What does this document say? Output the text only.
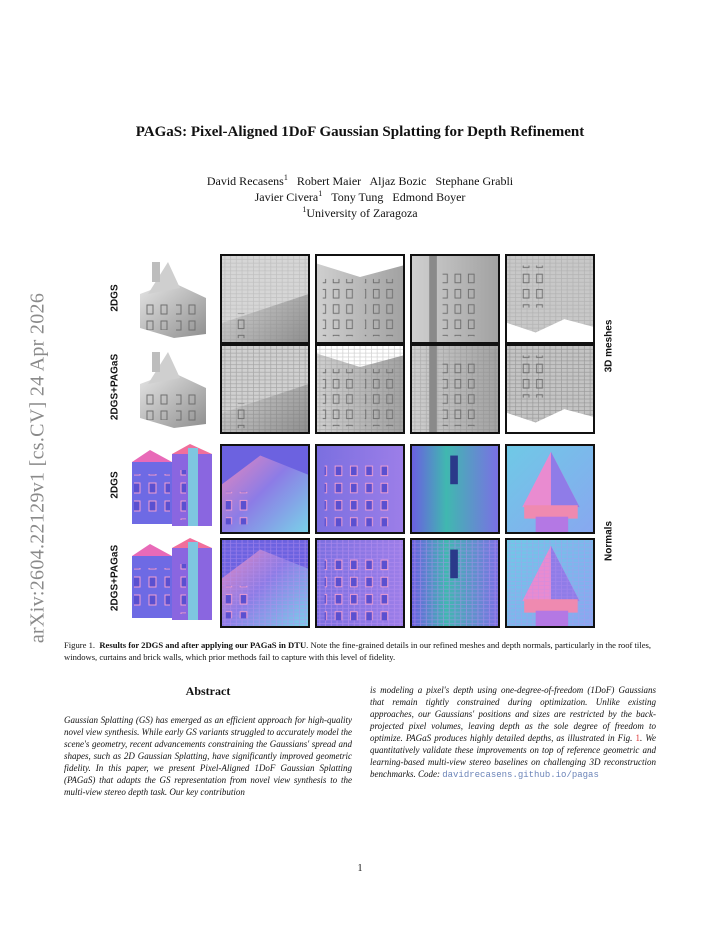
arXiv:2604.22129v1 [cs.CV] 24 Apr 2026
PAGaS: Pixel-Aligned 1DoF Gaussian Splatting for Depth Refinement
David Recasens$^1$ Robert Maier   Aljaz Bozic   Stephane Grabli
Javier Civera$^1$ Tony Tung   Edmond Boyer
$^1$University of Zaragoza
2DGS
2DGS+PAGaS
2DGS
2DGS+PAGaS
3D meshes
Normals
Figure 1. Results for 2DGS and after applying our PAGaS in DTU. Note the fine-grained details in our refined meshes and depth normals, particularly in the roof tiles, windows, curtains and brick walls, which prior methods fail to capture with this level of fidelity.
Abstract
Gaussian Splatting (GS) has emerged as an efficient approach for high-quality novel view synthesis. While early GS variants struggled to accurately model the scene's geometry, recent advancements constraining the Gaussians' spread and shapes, such as 2D Gaussian Splatting, have significantly improved geometric fidelity. In this paper, we present Pixel-Aligned 1DoF Gaussian Splatting (PAGaS) that adapts the GS representation from novel view synthesis to the multi-view stereo depth task. Our key contribution
is modeling a pixel's depth using one-degree-of-freedom (1DoF) Gaussians that remain tightly constrained during optimization. Unlike existing approaches, our Gaussians' positions and sizes are restricted by the back-projected pixel volumes, leaving depth as the sole degree of freedom to optimize. PAGaS produces highly detailed depths, as illustrated in Fig. 1. We quantitatively validate these improvements on top of reference geometric and learning-based multi-view stereo baselines on challenging 3D reconstruction benchmarks. Code: davidrecasens.github.io/pagas
1
